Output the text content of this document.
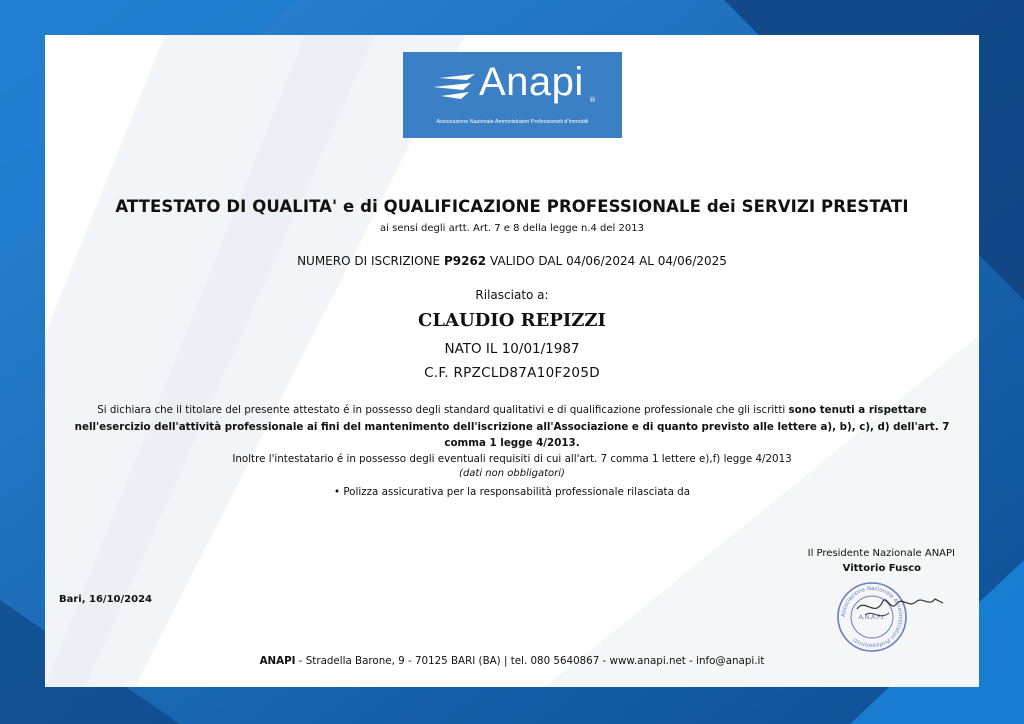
Anapi ®
Associazione Nazionale Amministratori Professionisti d'Immobili
ATTESTATO DI QUALITA' e di QUALIFICAZIONE PROFESSIONALE dei SERVIZI PRESTATI
ai sensi degli artt. Art. 7 e 8 della legge n.4 del 2013
NUMERO DI ISCRIZIONE P9262 VALIDO DAL 04/06/2024 AL 04/06/2025
Rilasciato a:
CLAUDIO REPIZZI
NATO IL 10/01/1987
C.F. RPZCLD87A10F205D
Si dichiara che il titolare del presente attestato é in possesso degli standard qualitativi e di qualificazione professionale che gli iscritti sono tenuti a rispettare nell'esercizio dell'attività professionale ai fini del mantenimento dell'iscrizione all'Associazione e di quanto previsto alle lettere a), b), c), d) dell'art. 7 comma 1 legge 4/2013.
Inoltre l'intestatario é in possesso degli eventuali requisiti di cui all'art. 7 comma 1 lettere e),f) legge 4/2013
(dati non obbligatori)
• Polizza assicurativa per la responsabilità professionale rilasciata da
Il Presidente Nazionale ANAPI
Vittorio Fusco
Bari, 16/10/2024
Associazione Nazionale Amministratori Professionisti
A.N.A.P.I.
ANAPI - Stradella Barone, 9 - 70125 BARI (BA) | tel. 080 5640867 - www.anapi.net - info@anapi.it
